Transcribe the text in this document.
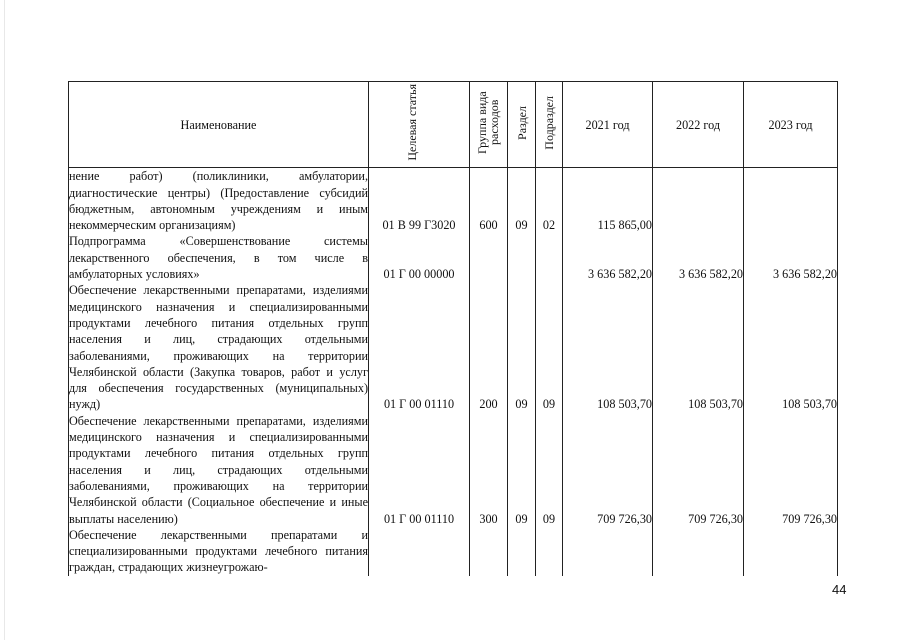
Наименование	Целевая статья	Группа вида расходов	Раздел	Подраздел	2021 год	2022 год	2023 год
нение работ) (поликлиники, амбулатории, диагностические центры) (Предоставление субсидий бюджетным, автономным учреждениям и иным некоммерческим организациям)	01 В 99 Г3020	600	09	02	115 865,00		
Подпрограмма «Совершенствование системы лекарственного обеспечения, в том числе в амбулаторных условиях»	01 Г 00 00000				3 636 582,20	3 636 582,20	3 636 582,20
Обеспечение лекарственными препаратами, изделиями медицинского назначения и специализированными продуктами лечебного питания отдельных групп населения и лиц, страдающих отдельными заболеваниями, проживающих на территории Челябинской области (Закупка товаров, работ и услуг для обеспечения государственных (муниципальных) нужд)	01 Г 00 01110	200	09	09	108 503,70	108 503,70	108 503,70
Обеспечение лекарственными препаратами, изделиями медицинского назначения и специализированными продуктами лечебного питания отдельных групп населения и лиц, страдающих отдельными заболеваниями, проживающих на территории Челябинской области (Социальное обеспечение и иные выплаты населению)	01 Г 00 01110	300	09	09	709 726,30	709 726,30	709 726,30
Обеспечение лекарственными препаратами и специализированными продуктами лечебного питания граждан, страдающих жизнеугрожаю-							
44
